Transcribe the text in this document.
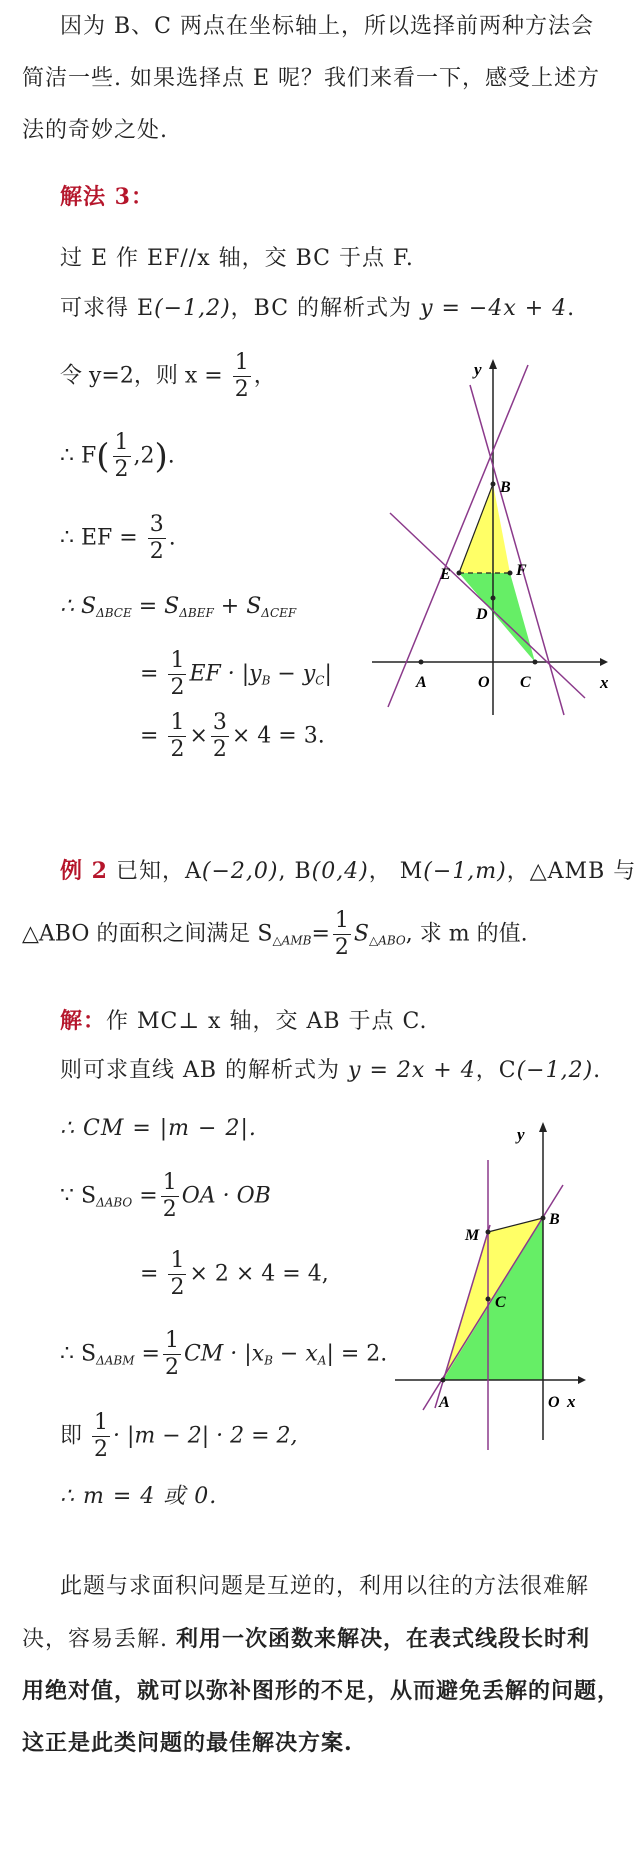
因为 B、C 两点在坐标轴上，所以选择前两种方法会
简洁一些. 如果选择点 E 呢？我们来看一下，感受上述方
法的奇妙之处.
解法 3：
过 E 作 EF//x 轴，交 BC 于点 F.
可求得 E(−1,2)，BC 的解析式为 y = −4x + 4.
令 y=2，则 $x = \frac{1}{2}$ ，
∴ $F( \frac{1}{2} ,2)$.
∴ EF = $\frac{3}{2}$ .
∴ $S_{\Delta BCE} = S_{\Delta BEF} + S_{\Delta CEF}$
= $\frac{1}{2}$ EF · $|y_B - y_C|$
= $\frac{1}{2} \times \frac{3}{2} \times 4 = 3$.
y
x
B
E	F
D
A	O C
例 2 已知，A(−2,0), B(0,4)， M(−1,m)，△AMB 与
△ABO 的面积之间满足 $S_{\triangle AMB}= \frac{1}{2} S_{\triangle ABO}$, 求 m 的值.
解：作 MC⊥ x 轴，交 AB 于点 C.
则可求直线 AB 的解析式为 y = 2x + 4，C(−1,2).
∴ CM = |m − 2|.
∵ $S_{\Delta ABO} = \frac{1}{2}$ OA · OB
= $\frac{1}{2} \times 2 \times 4 = 4$,
∴ $S_{\Delta ABM} = \frac{1}{2}$ CM · $|x_B - x_A| = 2$.
即 $\frac{1}{2} \cdot |m - 2| \cdot 2 = 2$,
∴ m = 4 或 0.
y
x
M
B
C
A	O
此题与求面积问题是互逆的，利用以往的方法很难解
决，容易丢解. 利用一次函数来解决，在表式线段长时利
用绝对值，就可以弥补图形的不足，从而避免丢解的问题，
这正是此类问题的最佳解决方案.
